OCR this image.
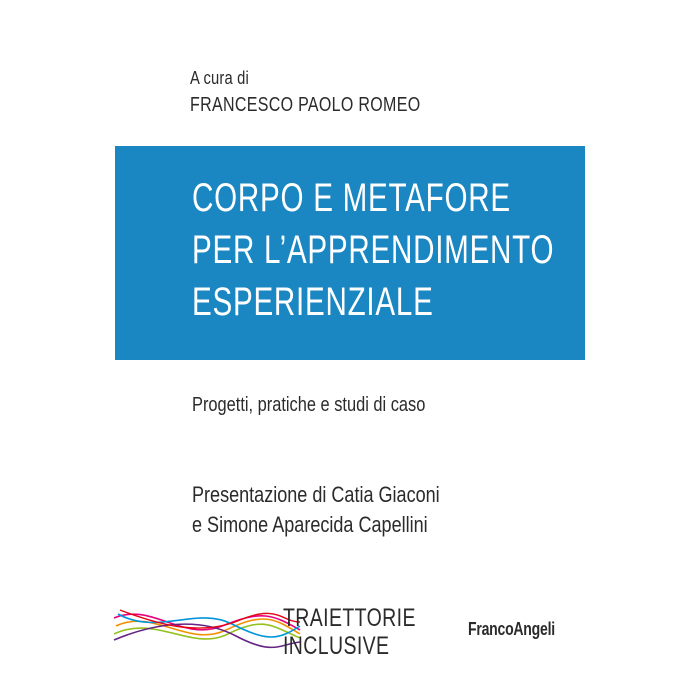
A cura di
FRANCESCO PAOLO ROMEO
CORPO E METAFORE
PER L’APPRENDIMENTO
ESPERIENZIALE
Progetti, pratiche e studi di caso
Presentazione di Catia Giaconi
e Simone Aparecida Capellini
TRAIETTORIE
INCLUSIVE
FrancoAngeli
